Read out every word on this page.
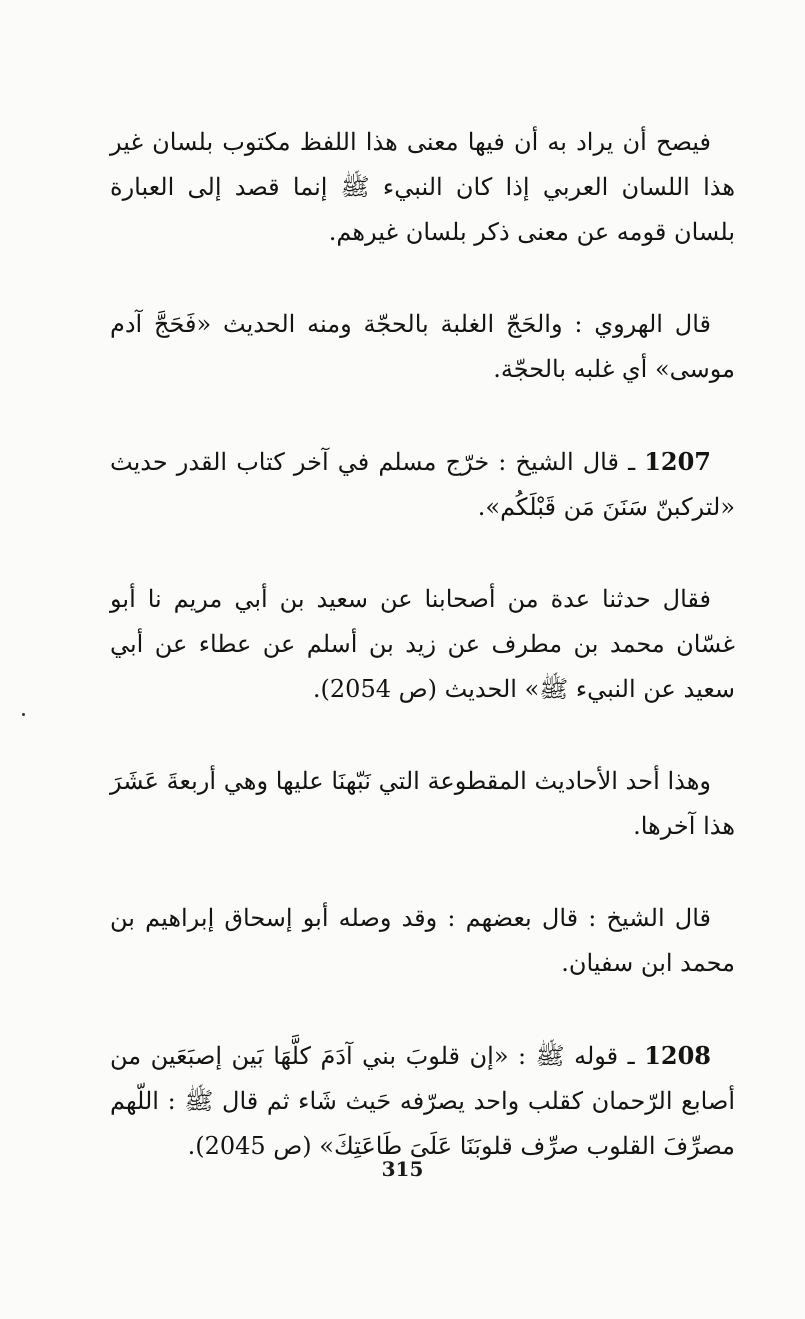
فيصح أن يراد به أن فيها معنى هذا اللفظ مكتوب بلسان غير هذا اللسان العربي إذا كان النبيء ﷺ إنما قصد إلى العبارة بلسان قومه عن معنى ذكر بلسان غيرهم.

قال الهروي : والحَجّ الغلبة بالحجّة ومنه الحديث «فَحَجَّ آدم موسى» أي غلبه بالحجّة.

1207 ـ قال الشيخ : خرّج مسلم في آخر كتاب القدر حديث «لتركبنّ سَنَنَ مَن قَبْلَكُم».

فقال حدثنا عدة من أصحابنا عن سعيد بن أبي مريم نا أبو غسّان محمد بن مطرف عن زيد بن أسلم عن عطاء عن أبي سعيد عن النبيء ﷺ» الحديث (ص 2054).

وهذا أحد الأحاديث المقطوعة التي نَبّهنَا عليها وهي أربعةَ عَشَرَ هذا آخرها.

قال الشيخ : قال بعضهم : وقد وصله أبو إسحاق إبراهيم بن محمد ابن سفيان.

1208 ـ قوله ﷺ : «إن قلوبَ بني آدَمَ كلَّهَا بَين إصبَعَين من أصابع الرّحمان كقلب واحد يصرّفه حَيث شَاء ثم قال ﷺ : اللّهم مصرِّفَ القلوب صرِّف قلوبَنَا عَلَىَ طَاعَتِكَ» (ص 2045).

315
